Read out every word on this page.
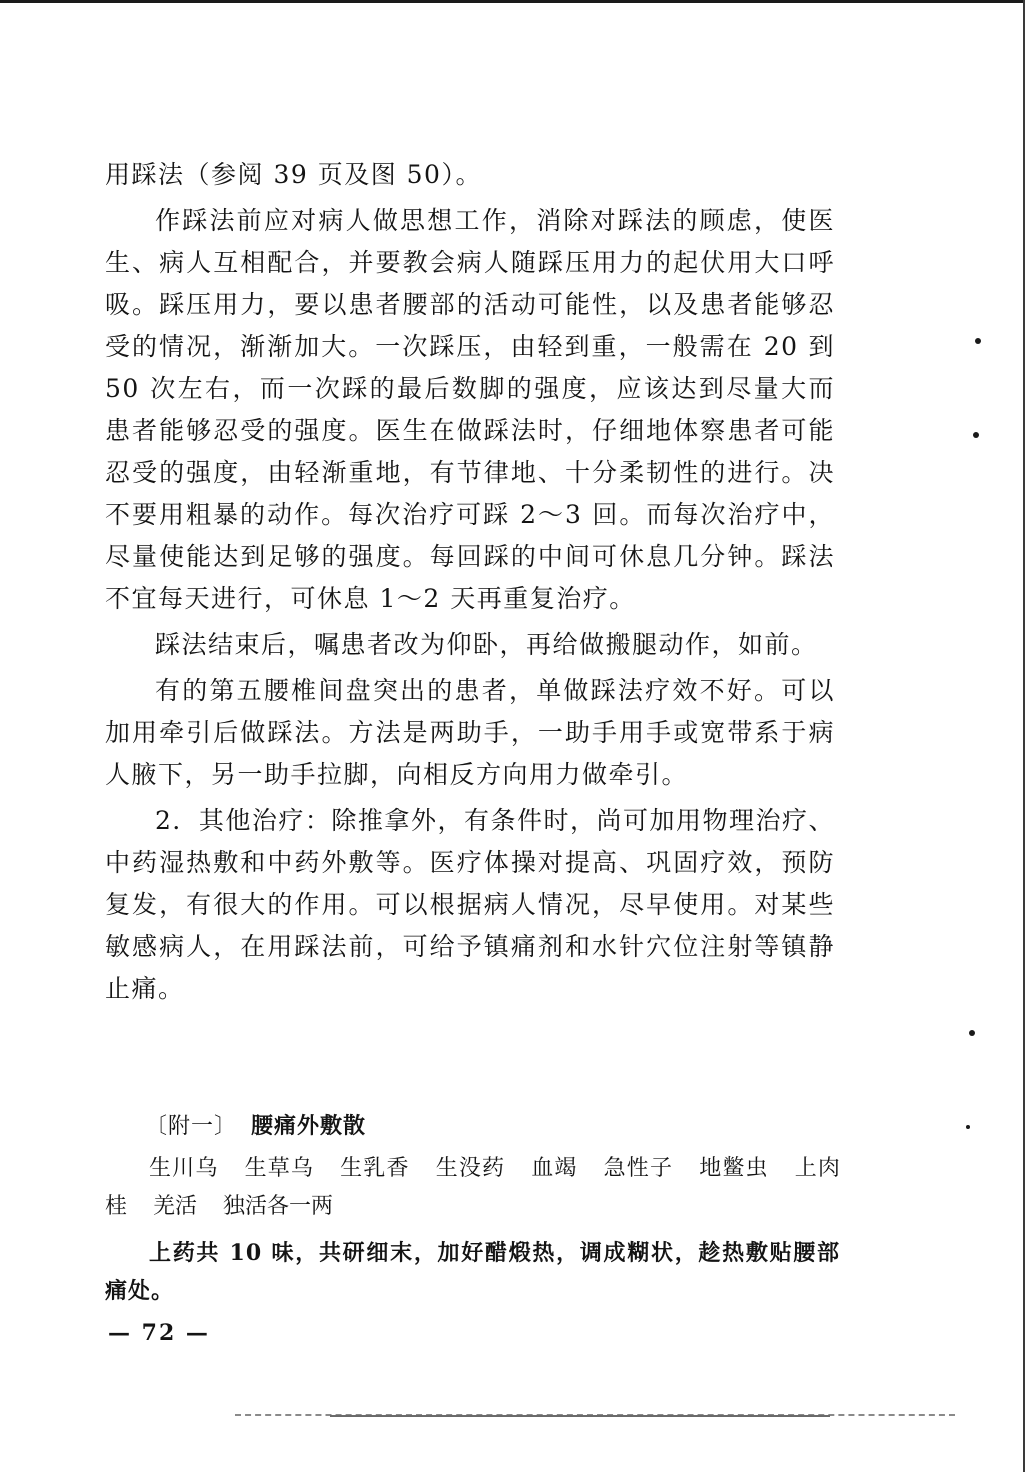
用踩法（参阅 39 页及图 50）。

作踩法前应对病人做思想工作，消除对踩法的顾虑，使医生、病人互相配合，并要教会病人随踩压用力的起伏用大口呼吸。踩压用力，要以患者腰部的活动可能性，以及患者能够忍受的情况，渐渐加大。一次踩压，由轻到重，一般需在 20 到 50 次左右，而一次踩的最后数脚的强度，应该达到尽量大而患者能够忍受的强度。医生在做踩法时，仔细地体察患者可能忍受的强度，由轻渐重地，有节律地、十分柔韧性的进行。决不要用粗暴的动作。每次治疗可踩 2～3 回。而每次治疗中，尽量使能达到足够的强度。每回踩的中间可休息几分钟。踩法不宜每天进行，可休息 1～2 天再重复治疗。

踩法结束后，嘱患者改为仰卧，再给做搬腿动作，如前。

有的第五腰椎间盘突出的患者，单做踩法疗效不好。可以加用牵引后做踩法。方法是两助手，一助手用手或宽带系于病人腋下，另一助手拉脚，向相反方向用力做牵引。

2．其他治疗：除推拿外，有条件时，尚可加用物理治疗、中药湿热敷和中药外敷等。医疗体操对提高、巩固疗效，预防复发，有很大的作用。可以根据病人情况，尽早使用。对某些敏感病人，在用踩法前，可给予镇痛剂和水针穴位注射等镇静止痛。

〔附一〕 腰痛外敷散

生川乌 生草乌 生乳香 生没药 血竭 急性子 地鳖虫 上肉桂 羌活 独活各一两

上药共 10 味，共研细末，加好醋煅热，调成糊状，趁热敷贴腰部痛处。

— 72 —
